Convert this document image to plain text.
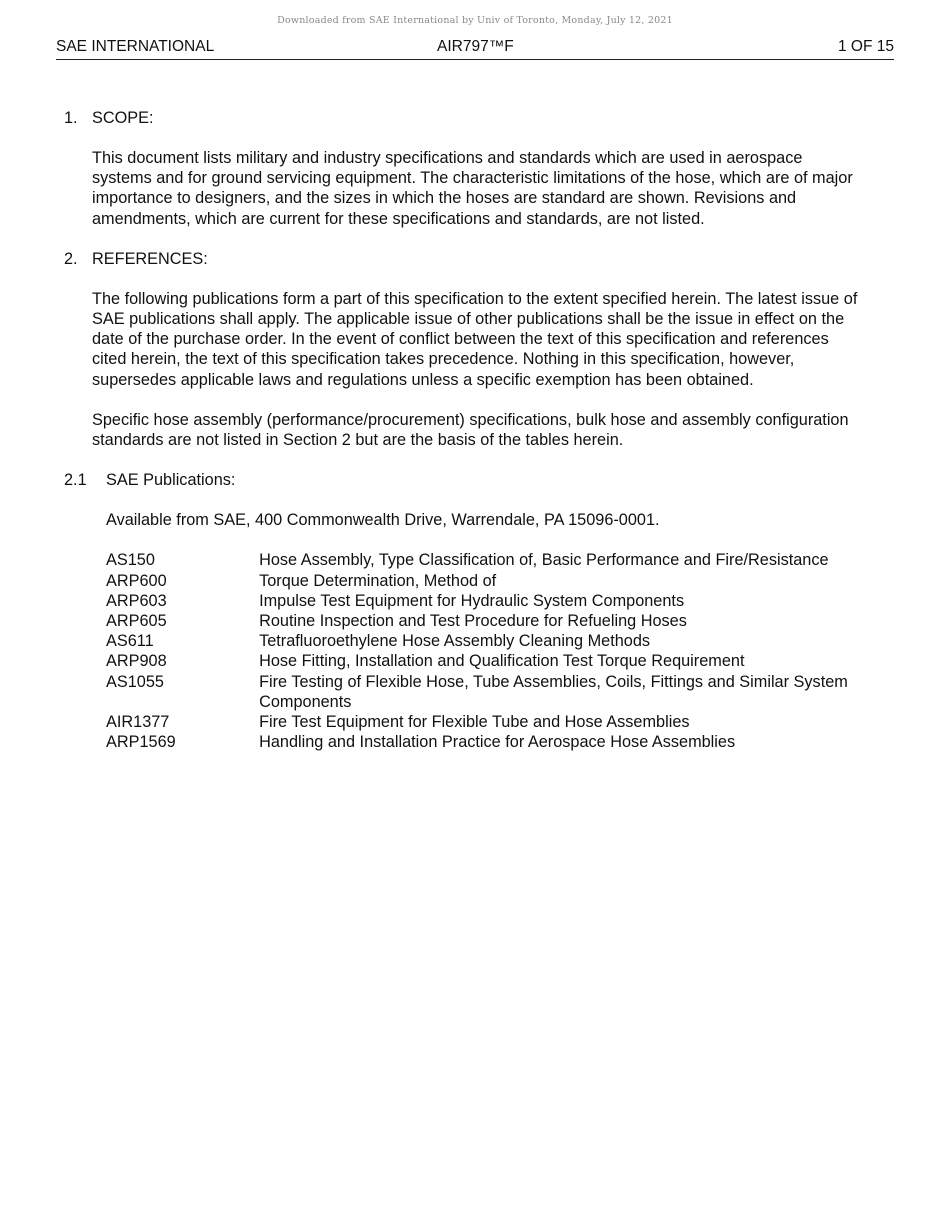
Downloaded from SAE International by Univ of Toronto, Monday, July 12, 2021
SAE INTERNATIONAL	AIR797™F	1 OF 15
1. SCOPE:
This document lists military and industry specifications and standards which are used in aerospace systems and for ground servicing equipment. The characteristic limitations of the hose, which are of major importance to designers, and the sizes in which the hoses are standard are shown. Revisions and amendments, which are current for these specifications and standards, are not listed.
2. REFERENCES:
The following publications form a part of this specification to the extent specified herein. The latest issue of SAE publications shall apply. The applicable issue of other publications shall be the issue in effect on the date of the purchase order. In the event of conflict between the text of this specification and references cited herein, the text of this specification takes precedence. Nothing in this specification, however, supersedes applicable laws and regulations unless a specific exemption has been obtained.
Specific hose assembly (performance/procurement) specifications, bulk hose and assembly configuration standards are not listed in Section 2 but are the basis of the tables herein.
2.1 SAE Publications:
Available from SAE, 400 Commonwealth Drive, Warrendale, PA 15096-0001.
AS150	Hose Assembly, Type Classification of, Basic Performance and Fire/Resistance
ARP600	Torque Determination, Method of
ARP603	Impulse Test Equipment for Hydraulic System Components
ARP605	Routine Inspection and Test Procedure for Refueling Hoses
AS611	Tetrafluoroethylene Hose Assembly Cleaning Methods
ARP908	Hose Fitting, Installation and Qualification Test Torque Requirement
AS1055	Fire Testing of Flexible Hose, Tube Assemblies, Coils, Fittings and Similar System Components
AIR1377	Fire Test Equipment for Flexible Tube and Hose Assemblies
ARP1569	Handling and Installation Practice for Aerospace Hose Assemblies
